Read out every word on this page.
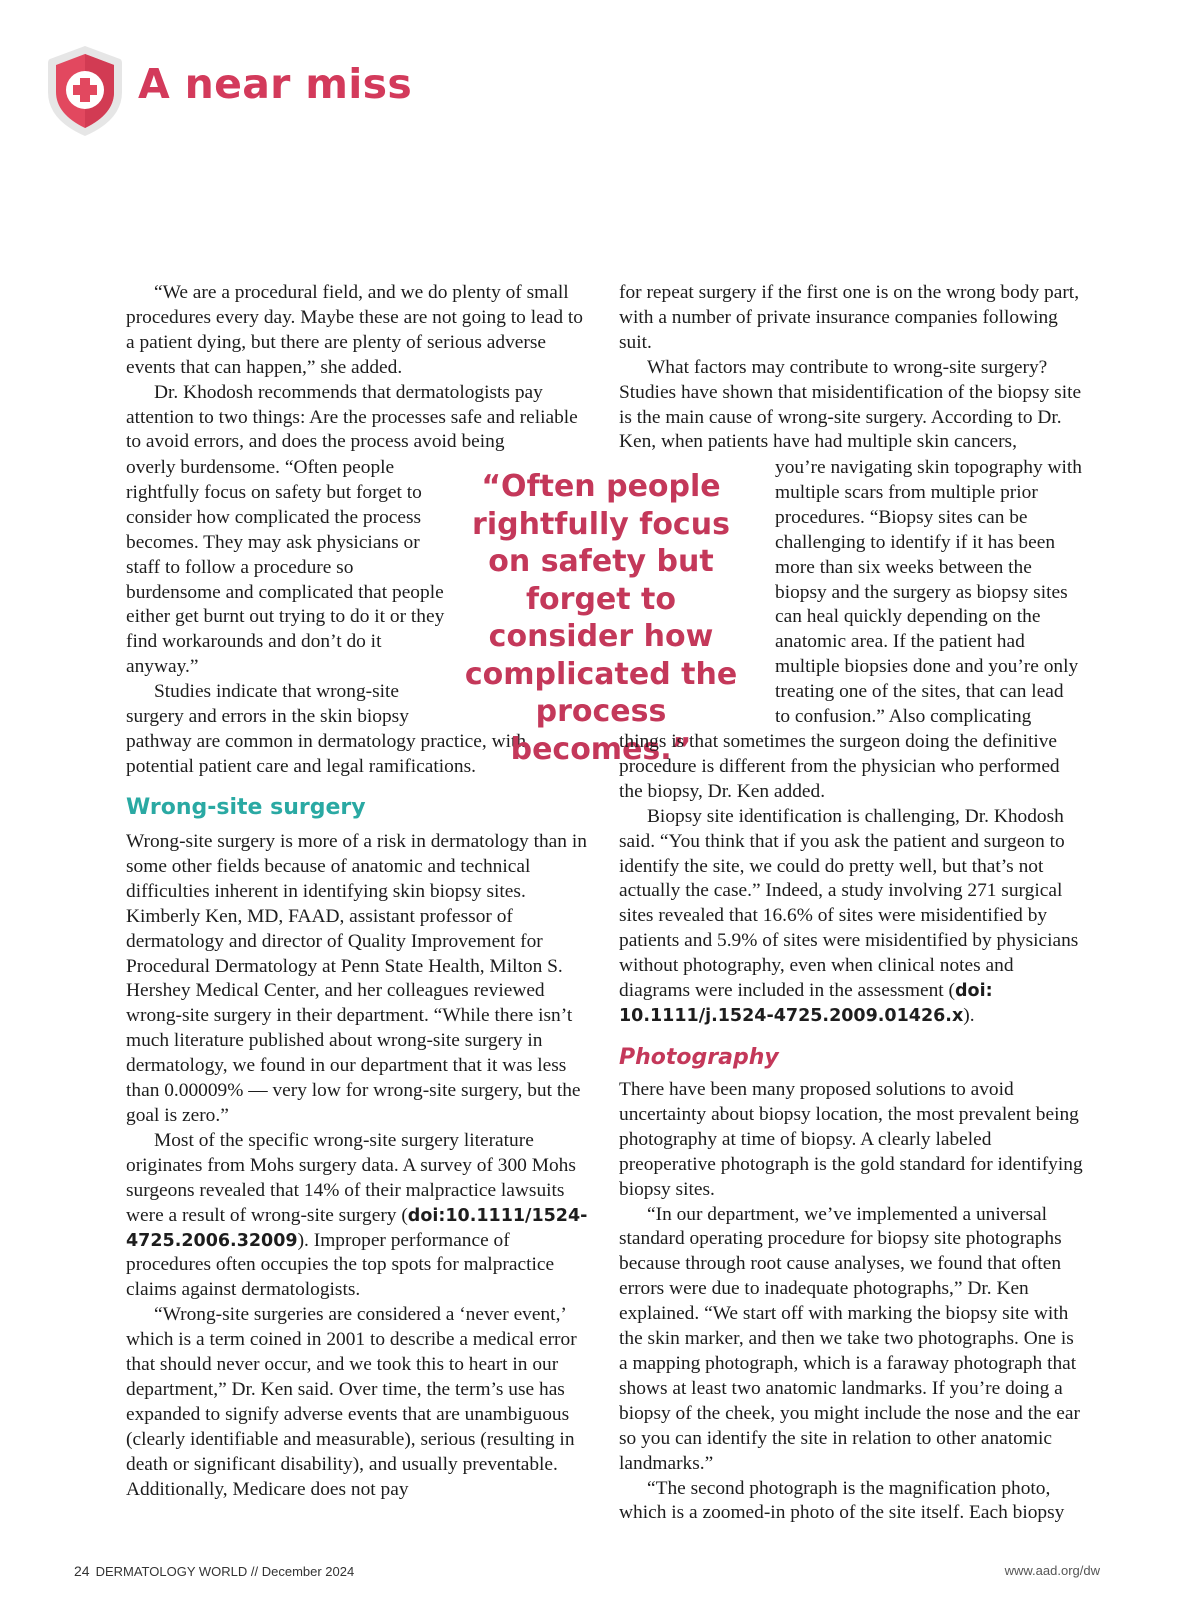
A near miss

“We are a procedural field, and we do plenty of small procedures every day. Maybe these are not going to lead to a patient dying, but there are plenty of serious adverse events that can happen,” she added.

Dr. Khodosh recommends that dermatologists pay attention to two things: Are the processes safe and reliable to avoid errors, and does the process avoid being

overly burdensome. “Often people rightfully focus on safety but forget to consider how complicated the process becomes. They may ask physicians or staff to follow a procedure so burdensome and complicated that people either get burnt out trying to do it or they find workarounds and don’t do it anyway.”

Studies indicate that wrong-site surgery and errors in the skin biopsy

pathway are common in dermatology practice, with potential patient care and legal ramifications.

Wrong-site surgery

Wrong-site surgery is more of a risk in dermatology than in some other fields because of anatomic and technical difficulties inherent in identifying skin biopsy sites. Kimberly Ken, MD, FAAD, assistant professor of dermatology and director of Quality Improvement for Procedural Dermatology at Penn State Health, Milton S. Hershey Medical Center, and her colleagues reviewed wrong-site surgery in their department. “While there isn’t much literature published about wrong-site surgery in dermatology, we found in our department that it was less than 0.00009% — very low for wrong-site surgery, but the goal is zero.”

Most of the specific wrong-site surgery literature originates from Mohs surgery data. A survey of 300 Mohs surgeons revealed that 14% of their malpractice lawsuits were a result of wrong-site surgery (doi:10.1111/1524-4725.2006.32009). Improper performance of procedures often occupies the top spots for malpractice claims against dermatologists.

“Wrong-site surgeries are considered a ‘never event,’ which is a term coined in 2001 to describe a medical error that should never occur, and we took this to heart in our department,” Dr. Ken said. Over time, the term’s use has expanded to signify adverse events that are unambiguous (clearly identifiable and measurable), serious (resulting in death or significant disability), and usually preventable. Additionally, Medicare does not pay

“Often people rightfully focus on safety but forget to consider how complicated the process becomes.”

for repeat surgery if the first one is on the wrong body part, with a number of private insurance companies following suit.

What factors may contribute to wrong-site surgery? Studies have shown that misidentification of the biopsy site is the main cause of wrong-site surgery. According to Dr. Ken, when patients have had multiple skin cancers,

you’re navigating skin topography with multiple scars from multiple prior procedures. “Biopsy sites can be challenging to identify if it has been more than six weeks between the biopsy and the surgery as biopsy sites can heal quickly depending on the anatomic area. If the patient had multiple biopsies done and you’re only treating one of the sites, that can lead to confusion.” Also complicating

things is that sometimes the surgeon doing the definitive procedure is different from the physician who performed the biopsy, Dr. Ken added.

Biopsy site identification is challenging, Dr. Khodosh said. “You think that if you ask the patient and surgeon to identify the site, we could do pretty well, but that’s not actually the case.” Indeed, a study involving 271 surgical sites revealed that 16.6% of sites were misidentified by patients and 5.9% of sites were misidentified by physicians without photography, even when clinical notes and diagrams were included in the assessment (doi: 10.1111/j.1524-4725.2009.01426.x).

Photography

There have been many proposed solutions to avoid uncertainty about biopsy location, the most prevalent being photography at time of biopsy. A clearly labeled preoperative photograph is the gold standard for identifying biopsy sites.

“In our department, we’ve implemented a universal standard operating procedure for biopsy site photographs because through root cause analyses, we found that often errors were due to inadequate photographs,” Dr. Ken explained. “We start off with marking the biopsy site with the skin marker, and then we take two photographs. One is a mapping photograph, which is a faraway photograph that shows at least two anatomic landmarks. If you’re doing a biopsy of the cheek, you might include the nose and the ear so you can identify the site in relation to other anatomic landmarks.”

“The second photograph is the magnification photo, which is a zoomed-in photo of the site itself. Each biopsy

24 DERMATOLOGY WORLD // December 2024	www.aad.org/dw
